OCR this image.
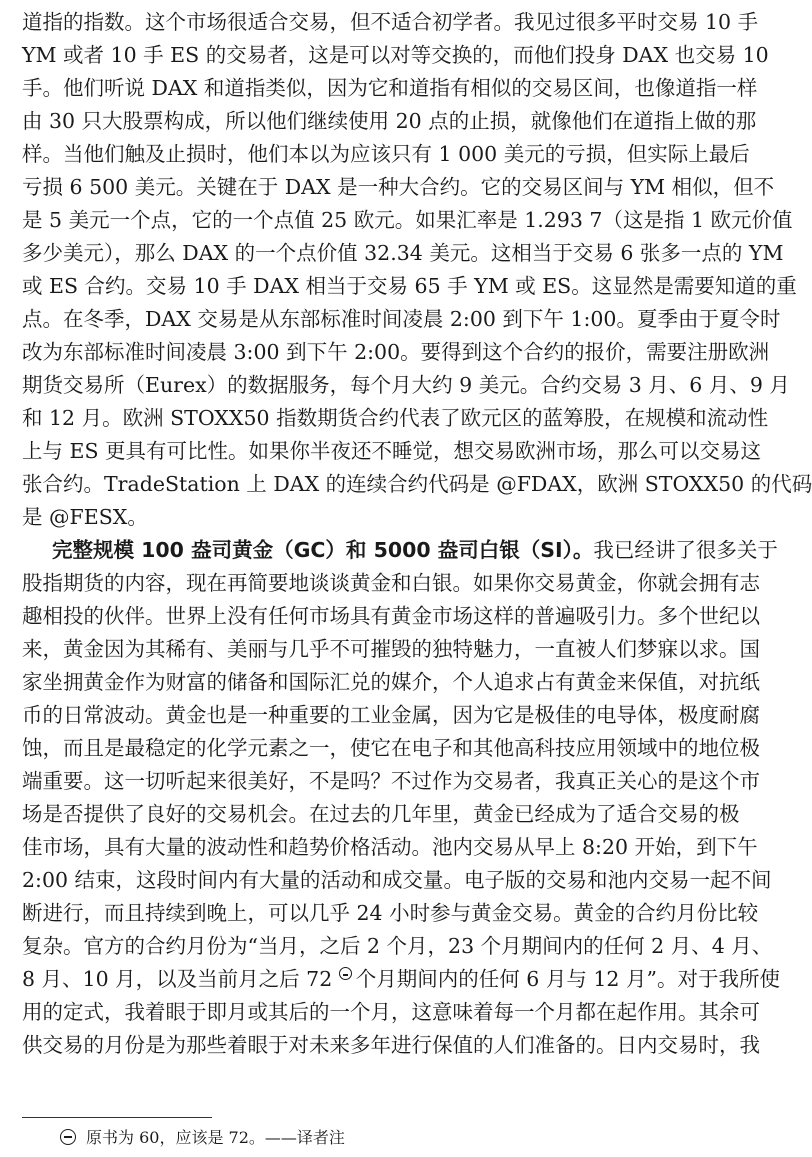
道指的指数。这个市场很适合交易，但不适合初学者。我见过很多平时交易 10 手
YM 或者 10 手 ES 的交易者，这是可以对等交换的，而他们投身 DAX 也交易 10
手。他们听说 DAX 和道指类似，因为它和道指有相似的交易区间，也像道指一样
由 30 只大股票构成，所以他们继续使用 20 点的止损，就像他们在道指上做的那
样。当他们触及止损时，他们本以为应该只有 1 000 美元的亏损，但实际上最后
亏损 6 500 美元。关键在于 DAX 是一种大合约。它的交易区间与 YM 相似，但不
是 5 美元一个点，它的一个点值 25 欧元。如果汇率是 1.293 7（这是指 1 欧元价值
多少美元），那么 DAX 的一个点价值 32.34 美元。这相当于交易 6 张多一点的 YM
或 ES 合约。交易 10 手 DAX 相当于交易 65 手 YM 或 ES。这显然是需要知道的重
点。在冬季，DAX 交易是从东部标准时间凌晨 2:00 到下午 1:00。夏季由于夏令时
改为东部标准时间凌晨 3:00 到下午 2:00。要得到这个合约的报价，需要注册欧洲
期货交易所（Eurex）的数据服务，每个月大约 9 美元。合约交易 3 月、6 月、9 月
和 12 月。欧洲 STOXX50 指数期货合约代表了欧元区的蓝筹股，在规模和流动性
上与 ES 更具有可比性。如果你半夜还不睡觉，想交易欧洲市场，那么可以交易这
张合约。TradeStation 上 DAX 的连续合约代码是 @FDAX，欧洲 STOXX50 的代码
是 @FESX。
完整规模 100 盎司黄金（GC）和 5000 盎司白银（SI）。我已经讲了很多关于
股指期货的内容，现在再简要地谈谈黄金和白银。如果你交易黄金，你就会拥有志
趣相投的伙伴。世界上没有任何市场具有黄金市场这样的普遍吸引力。多个世纪以
来，黄金因为其稀有、美丽与几乎不可摧毁的独特魅力，一直被人们梦寐以求。国
家坐拥黄金作为财富的储备和国际汇兑的媒介，个人追求占有黄金来保值，对抗纸
币的日常波动。黄金也是一种重要的工业金属，因为它是极佳的电导体，极度耐腐
蚀，而且是最稳定的化学元素之一，使它在电子和其他高科技应用领域中的地位极
端重要。这一切听起来很美好，不是吗？不过作为交易者，我真正关心的是这个市
场是否提供了良好的交易机会。在过去的几年里，黄金已经成为了适合交易的极
佳市场，具有大量的波动性和趋势价格活动。池内交易从早上 8:20 开始，到下午
2:00 结束，这段时间内有大量的活动和成交量。电子版的交易和池内交易一起不间
断进行，而且持续到晚上，可以几乎 24 小时参与黄金交易。黄金的合约月份比较
复杂。官方的合约月份为“当月，之后 2 个月，23 个月期间内的任何 2 月、4 月、
8 月、10 月，以及当前月之后 72 个月期间内的任何 6 月与 12 月”。对于我所使
用的定式，我着眼于即月或其后的一个月，这意味着每一个月都在起作用。其余可
供交易的月份是为那些着眼于对未来多年进行保值的人们准备的。日内交易时，我
原书为 60，应该是 72。——译者注
